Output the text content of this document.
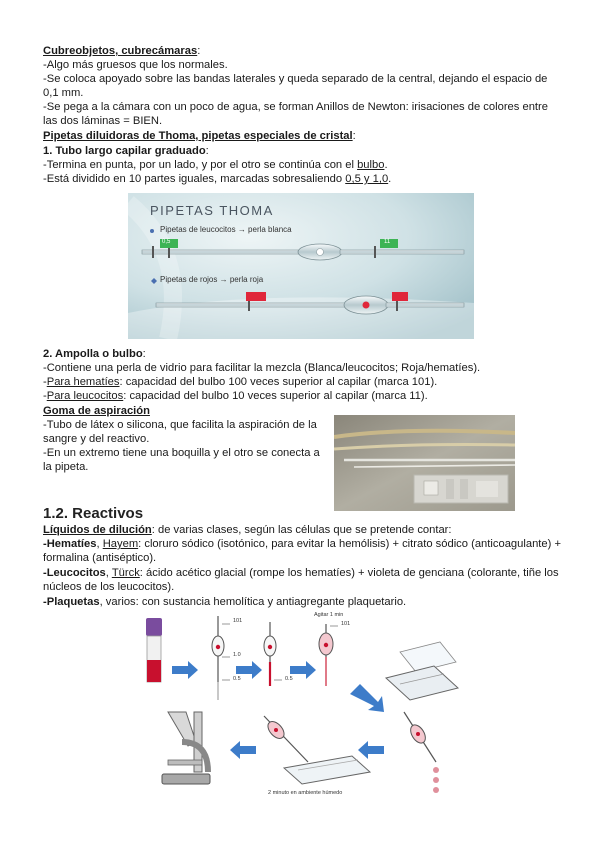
Cubreobjetos, cubrecámaras:
-Algo más gruesos que los normales.
-Se coloca apoyado sobre las bandas laterales y queda separado de la central, dejando el espacio de
0,1 mm.
-Se pega a la cámara con un poco de agua, se forman Anillos de Newton: irisaciones de colores entre
las dos láminas = BIEN.
Pipetas diluidoras de Thoma, pipetas especiales de cristal:
1. Tubo largo capilar graduado:
-Termina en punta, por un lado, y por el otro se continúa con el bulbo.
-Está dividido en 10 partes iguales, marcadas sobresaliendo 0,5 y 1,0.
PIPETAS THOMA
Pipetas de leucocitos → perla blanca
Pipetas de rojos → perla roja
0,5	11
2. Ampolla o bulbo:
-Contiene una perla de vidrio para facilitar la mezcla (Blanca/leucocitos; Roja/hematíes).
-Para hematíes: capacidad del bulbo 100 veces superior al capilar (marca 101).
-Para leucocitos: capacidad del bulbo 10 veces superior al capilar (marca 11).
Goma de aspiración
-Tubo de látex o silicona, que facilita la aspiración de la
sangre y del reactivo.
-En un extremo tiene una boquilla y el otro se conecta a
la pipeta.
1.2. Reactivos
Líquidos de dilución: de varias clases, según las células que se pretende contar:
-Hematíes, Hayem: cloruro sódico (isotónico, para evitar la hemólisis) + citrato sódico (anticoagulante) +
formalina (antiséptico).
-Leucocitos, Türck: ácido acético glacial (rompe los hematíes) + violeta de genciana (colorante, tiñe los
núcleos de los leucocitos).
-Plaquetas, varios: con sustancia hemolítica y antiagregante plaquetario.
101
1.0
0.5	0.5
Agitar 1 min
101
2 minuto en ambiente húmedo
